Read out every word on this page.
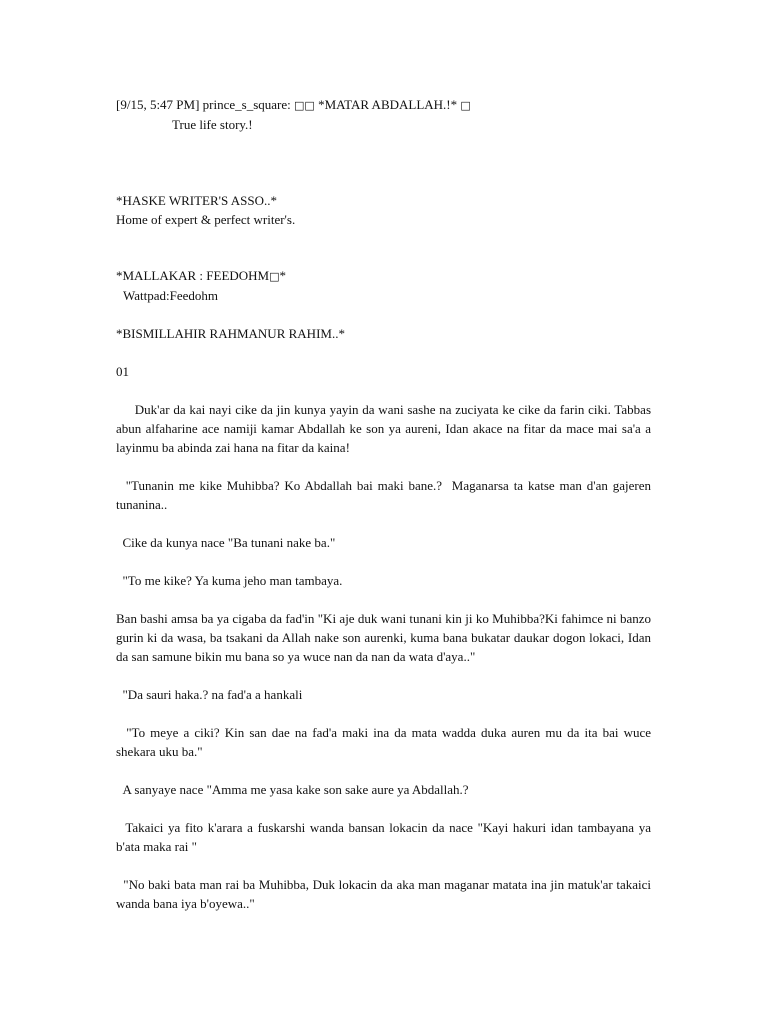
[9/15, 5:47 PM] prince_s_square: □□ *MATAR ABDALLAH.!* □
True life story.!
*HASKE WRITER'S ASSO..*
Home of expert & perfect writer's.
*MALLAKAR : FEEDOHM□*
Wattpad:Feedohm
*BISMILLAHIR RAHMANUR RAHIM..*
01
Duk'ar da kai nayi cike da jin kunya yayin da wani sashe na zuciyata ke cike da farin ciki. Tabbas abun alfaharine ace namiji kamar Abdallah ke son ya aureni, Idan akace na fitar da mace mai sa'a a layinmu ba abinda zai hana na fitar da kaina!
"Tunanin me kike Muhibba? Ko Abdallah bai maki bane.?  Maganarsa ta katse man d'an gajeren tunanina..
Cike da kunya nace "Ba tunani nake ba."
"To me kike? Ya kuma jeho man tambaya.
Ban bashi amsa ba ya cigaba da fad'in "Ki aje duk wani tunani kin ji ko Muhibba?Ki fahimce ni banzo gurin ki da wasa, ba tsakani da Allah nake son aurenki, kuma bana bukatar daukar dogon lokaci, Idan da san samune bikin mu bana so ya wuce nan da nan da wata d'aya.."
"Da sauri haka.? na fad'a a hankali
"To meye a ciki? Kin san dae na fad'a maki ina da mata wadda duka auren mu da ita bai wuce shekara uku ba."
A sanyaye nace "Amma me yasa kake son sake aure ya Abdallah.?
Takaici ya fito k'arara a fuskarshi wanda bansan lokacin da nace "Kayi hakuri idan tambayana ya b'ata maka rai "
"No baki bata man rai ba Muhibba, Duk lokacin da aka man maganar matata ina jin matuk'ar takaici wanda bana iya b'oyewa.."
